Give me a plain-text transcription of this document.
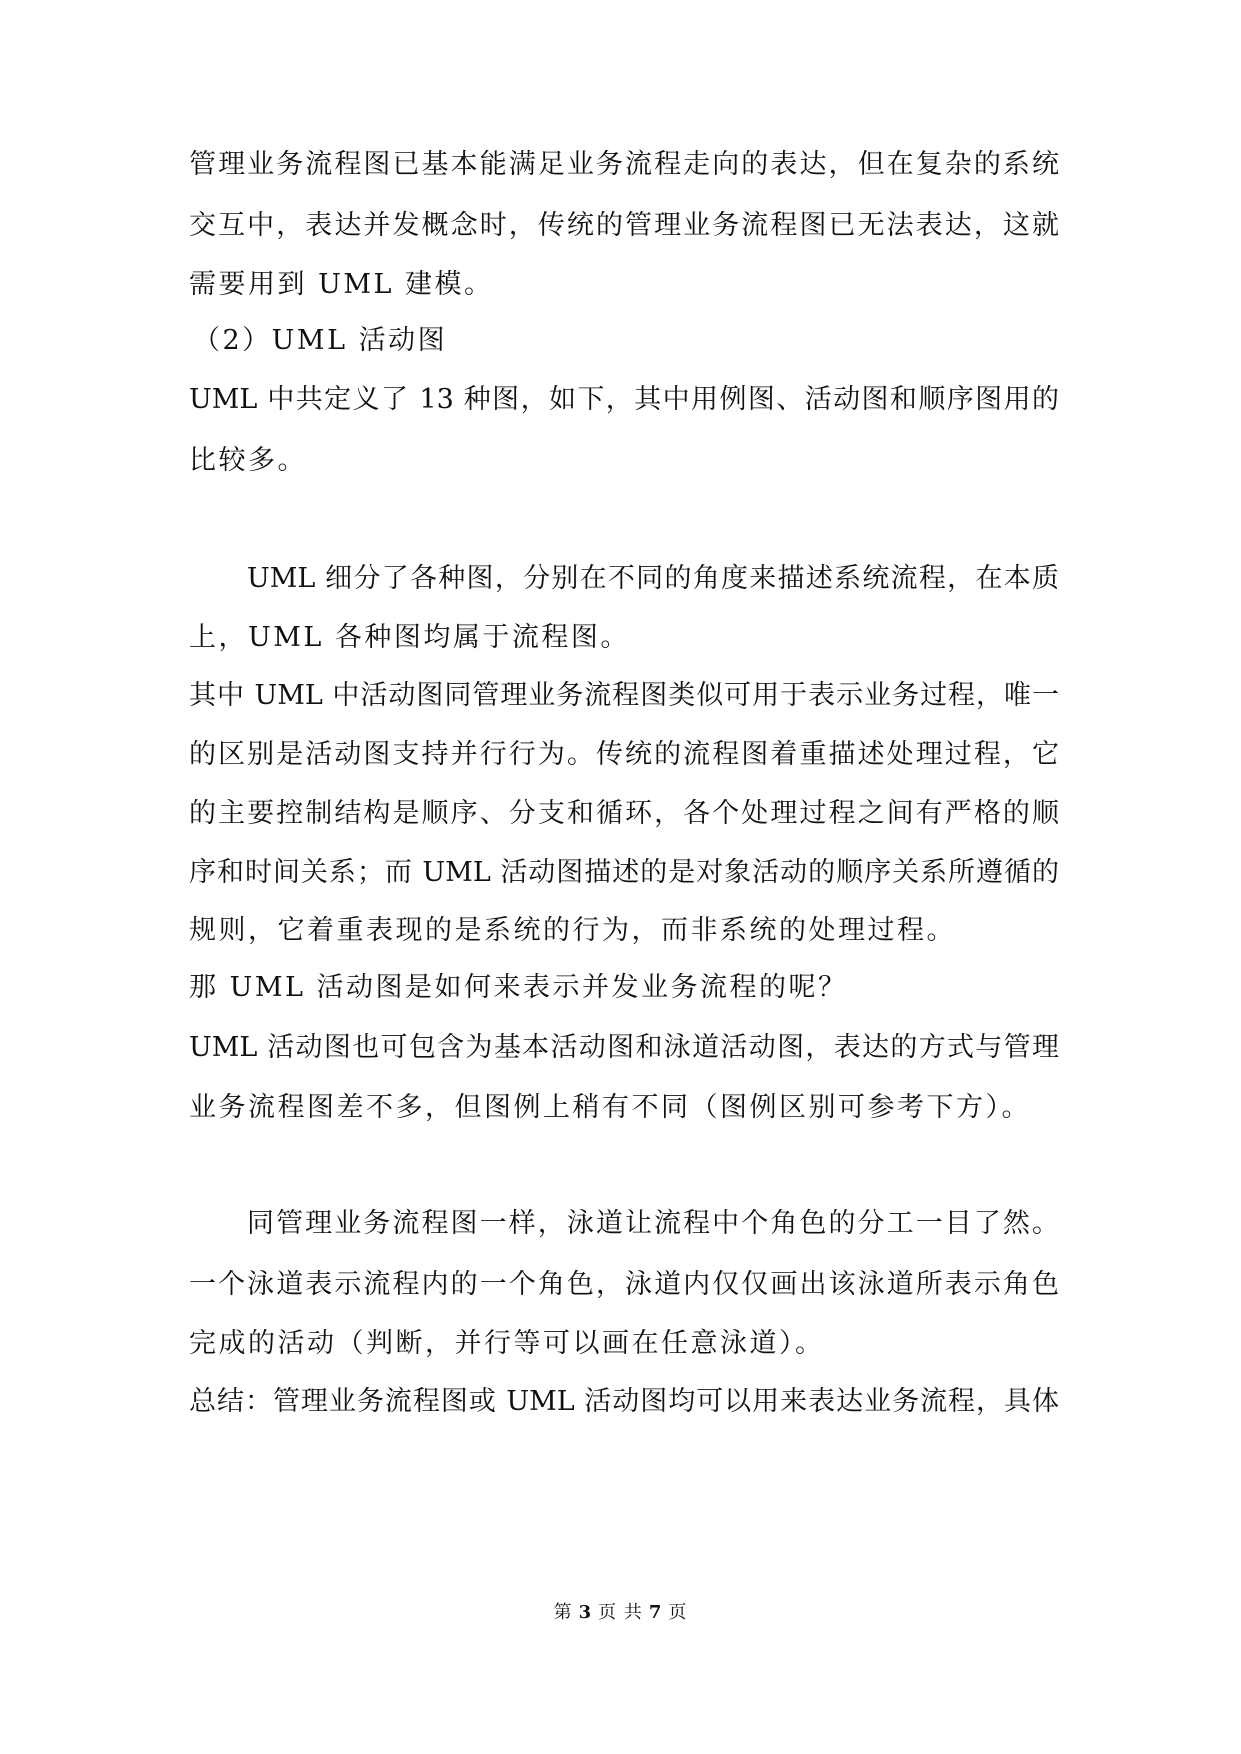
管理业务流程图已基本能满足业务流程走向的表达，但在复杂的系统
交互中，表达并发概念时，传统的管理业务流程图已无法表达，这就
需要用到 UML 建模。
（2）UML 活动图
UML 中共定义了 13 种图，如下，其中用例图、活动图和顺序图用的
比较多。
UML 细分了各种图，分别在不同的角度来描述系统流程，在本质
上，UML 各种图均属于流程图。
其中 UML 中活动图同管理业务流程图类似可用于表示业务过程，唯一
的区别是活动图支持并行行为。传统的流程图着重描述处理过程，它
的主要控制结构是顺序、分支和循环，各个处理过程之间有严格的顺
序和时间关系；而 UML 活动图描述的是对象活动的顺序关系所遵循的
规则，它着重表现的是系统的行为，而非系统的处理过程。
那 UML 活动图是如何来表示并发业务流程的呢？
UML 活动图也可包含为基本活动图和泳道活动图，表达的方式与管理
业务流程图差不多，但图例上稍有不同（图例区别可参考下方）。
同管理业务流程图一样，泳道让流程中个角色的分工一目了然。
一个泳道表示流程内的一个角色，泳道内仅仅画出该泳道所表示角色
完成的活动（判断，并行等可以画在任意泳道）。
总结：管理业务流程图或 UML 活动图均可以用来表达业务流程，具体
第 3 页 共 7 页
